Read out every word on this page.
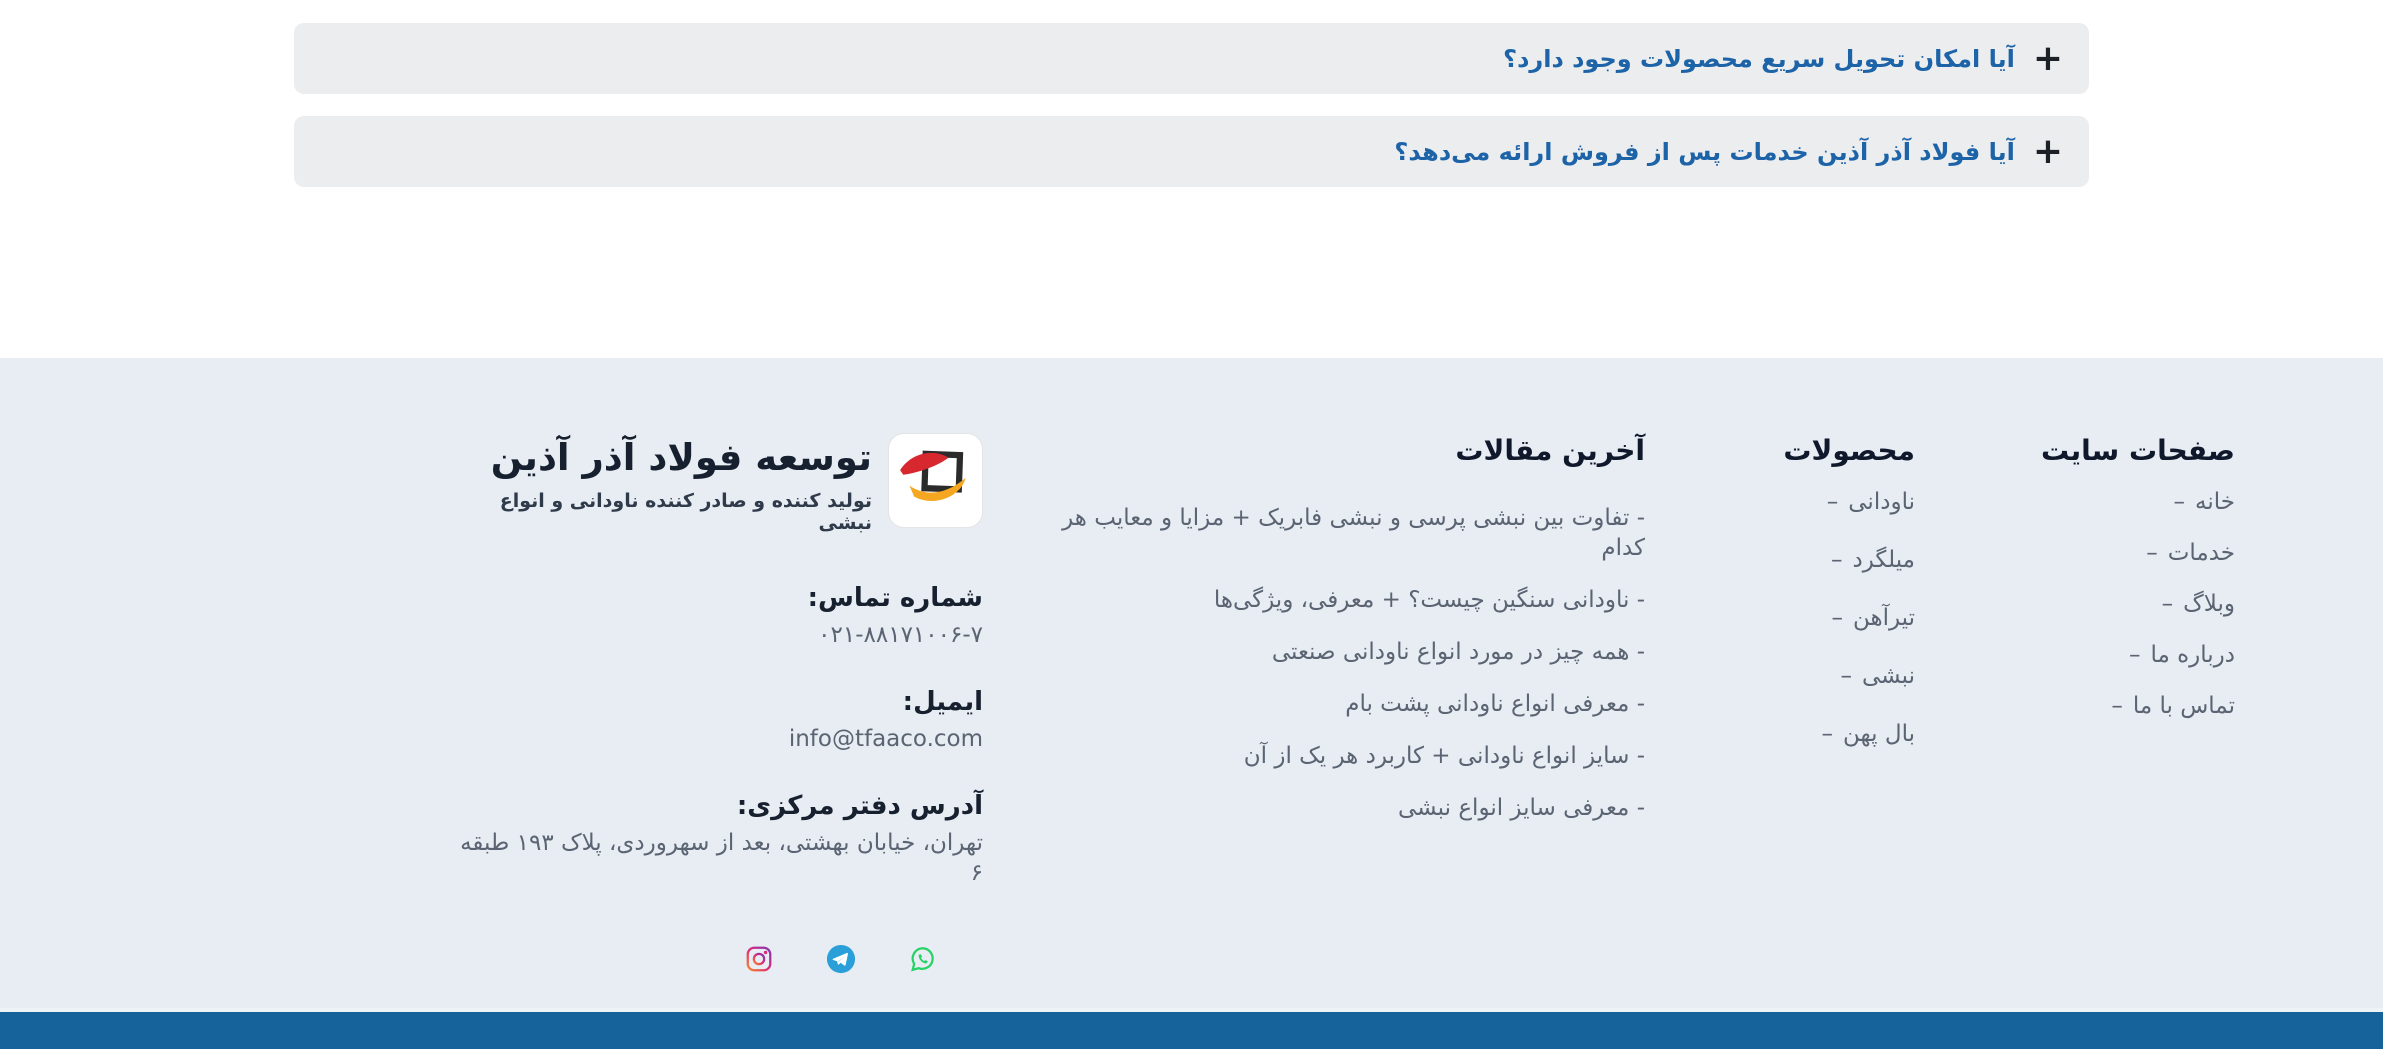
+
آیا امکان تحویل سریع محصولات وجود دارد؟
+
آیا فولاد آذر آذین خدمات پس از فروش ارائه می‌دهد؟
صفحات سایت
خانه–
خدمات–
وبلاگ–
درباره ما–
تماس با ما–
محصولات
ناودانی–
میلگرد–
تیرآهن–
نبشی–
بال پهن–
آخرین مقالات
- تفاوت بین نبشی پرسی و نبشی فابریک + مزایا و معایب هر کدام
- ناودانی سنگین چیست؟ + معرفی، ویژگی‌ها
- همه چیز در مورد انواع ناودانی صنعتی
- معرفی انواع ناودانی پشت بام
- سایز انواع ناودانی + کاربرد هر یک از آن
- معرفی سایز انواع نبشی
توسعه فولاد آذر آذین

تولید کننده و صادر کننده ناودانی و انواع نبشی

شماره تماس:

۰۲۱-۸۸۱۷۱۰۰۶-۷

ایمیل:

info@tfaaco.com

آدرس دفتر مرکزی:

تهران، خیابان بهشتی، بعد از سهروردی، پلاک ۱۹۳ طبقه ۶
